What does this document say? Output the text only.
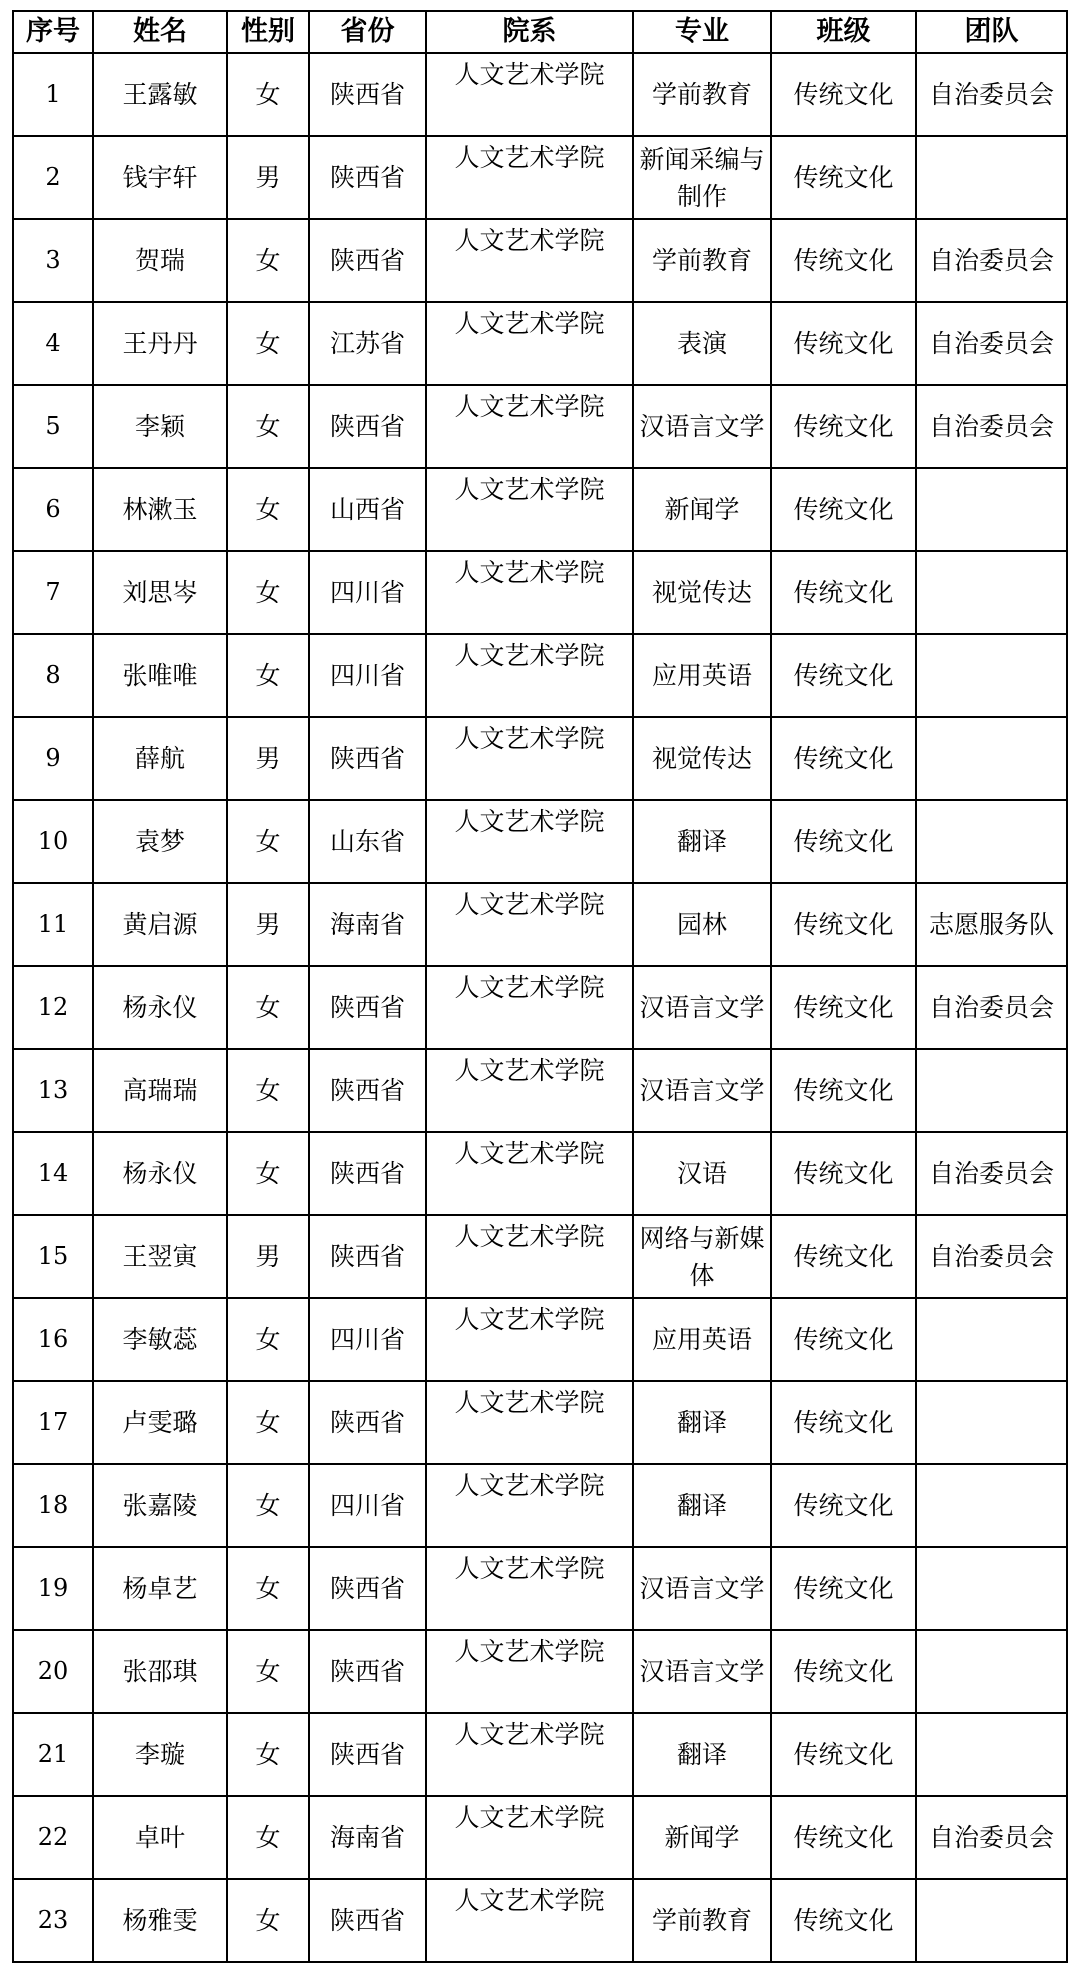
序号	姓名	性别	省份	院系	专业	班级	团队
1	王露敏	女	陕西省	人文艺术学院	学前教育	传统文化	自治委员会
2	钱宇轩	男	陕西省	人文艺术学院	新闻采编与制作	传统文化	
3	贺瑞	女	陕西省	人文艺术学院	学前教育	传统文化	自治委员会
4	王丹丹	女	江苏省	人文艺术学院	表演	传统文化	自治委员会
5	李颖	女	陕西省	人文艺术学院	汉语言文学	传统文化	自治委员会
6	林漱玉	女	山西省	人文艺术学院	新闻学	传统文化	
7	刘思岑	女	四川省	人文艺术学院	视觉传达	传统文化	
8	张唯唯	女	四川省	人文艺术学院	应用英语	传统文化	
9	薛航	男	陕西省	人文艺术学院	视觉传达	传统文化	
10	袁梦	女	山东省	人文艺术学院	翻译	传统文化	
11	黄启源	男	海南省	人文艺术学院	园林	传统文化	志愿服务队
12	杨永仪	女	陕西省	人文艺术学院	汉语言文学	传统文化	自治委员会
13	高瑞瑞	女	陕西省	人文艺术学院	汉语言文学	传统文化	
14	杨永仪	女	陕西省	人文艺术学院	汉语	传统文化	自治委员会
15	王翌寅	男	陕西省	人文艺术学院	网络与新媒体	传统文化	自治委员会
16	李敏蕊	女	四川省	人文艺术学院	应用英语	传统文化	
17	卢雯璐	女	陕西省	人文艺术学院	翻译	传统文化	
18	张嘉陵	女	四川省	人文艺术学院	翻译	传统文化	
19	杨卓艺	女	陕西省	人文艺术学院	汉语言文学	传统文化	
20	张邵琪	女	陕西省	人文艺术学院	汉语言文学	传统文化	
21	李璇	女	陕西省	人文艺术学院	翻译	传统文化	
22	卓叶	女	海南省	人文艺术学院	新闻学	传统文化	自治委员会
23	杨雅雯	女	陕西省	人文艺术学院	学前教育	传统文化	
